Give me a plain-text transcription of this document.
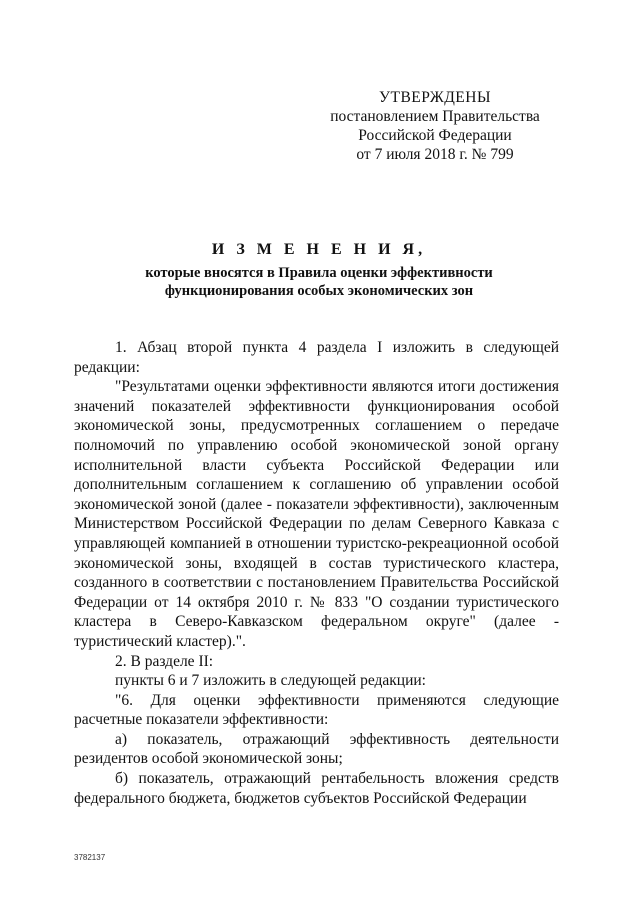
УТВЕРЖДЕНЫ
постановлением Правительства
Российской Федерации
от 7 июля 2018 г. № 799
И З М Е Н Е Н И Я,
которые вносятся в Правила оценки эффективности
функционирования особых экономических зон

1. Абзац второй пункта 4 раздела I изложить в следующей редакции:

"Результатами оценки эффективности являются итоги достижения значений показателей эффективности функционирования особой экономической зоны, предусмотренных соглашением о передаче полномочий по управлению особой экономической зоной органу исполнительной власти субъекта Российской Федерации или дополнительным соглашением к соглашению об управлении особой экономической зоной (далее - показатели эффективности), заключенным Министерством Российской Федерации по делам Северного Кавказа с управляющей компанией в отношении туристско-рекреационной особой экономической зоны, входящей в состав туристического кластера, созданного в соответствии с постановлением Правительства Российской Федерации от 14 октября 2010 г. № 833 "О создании туристического кластера в Северо-Кавказском федеральном округе" (далее - туристический кластер).".

2. В разделе II:

пункты 6 и 7 изложить в следующей редакции:

"6. Для оценки эффективности применяются следующие расчетные показатели эффективности:

а) показатель, отражающий эффективность деятельности резидентов особой экономической зоны;

б) показатель, отражающий рентабельность вложения средств федерального бюджета, бюджетов субъектов Российской Федерации

3782137
